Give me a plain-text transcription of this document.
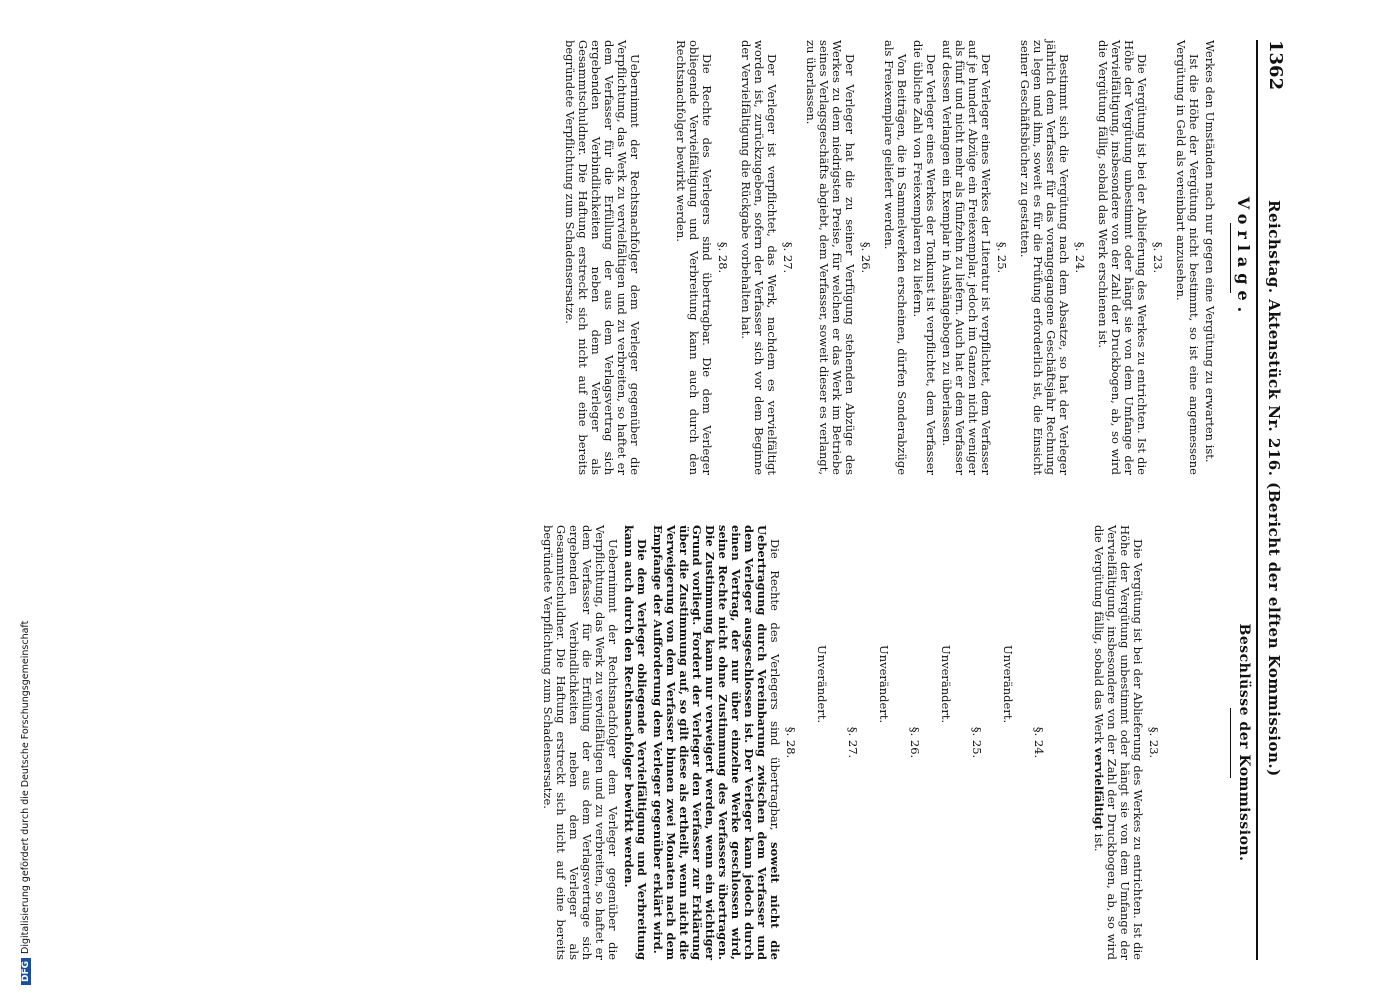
1362
Reichstag. Aktenstück Nr. 216. (Bericht der elften Kommission.)
Vorlage.

Werkes den Umständen nach nur gegen eine Vergütung zu erwarten ist.

Ist die Höhe der Vergütung nicht bestimmt, so ist eine angemessene Vergütung in Geld als vereinbart anzusehen.

§. 23.

Die Vergütung ist bei der Ablieferung des Werkes zu entrichten. Ist die Höhe der Vergütung unbestimmt oder hängt sie von dem Umfange der Vervielfältigung, insbesondere von der Zahl der Druckbogen, ab, so wird die Vergütung fällig, sobald das Werk erschienen ist.

§. 24.

Bestimmt sich die Vergütung nach dem Absatze, so hat der Verleger jährlich dem Verfasser für das vorangegangene Geschäftsjahr Rechnung zu legen und ihm, soweit es für die Prüfung erforderlich ist, die Einsicht seiner Geschäftsbücher zu gestatten.

§. 25.

Der Verleger eines Werkes der Literatur ist verpflichtet, dem Verfasser auf je hundert Abzüge ein Freiexemplar, jedoch im Ganzen nicht weniger als fünf und nicht mehr als fünfzehn zu liefern. Auch hat er dem Verfasser auf dessen Verlangen ein Exemplar in Aushängebogen zu überlassen.

Der Verleger eines Werkes der Tonkunst ist verpflichtet, dem Verfasser die übliche Zahl von Freiexemplaren zu liefern.

Von Beiträgen, die in Sammelwerken erscheinen, dürfen Sonderabzüge als Freiexemplare geliefert werden.

§. 26.

Der Verleger hat die zu seiner Verfügung stehenden Abzüge des Werkes zu dem niedrigsten Preise, für welchen er das Werk im Betriebe seines Verlagsgeschäfts abgiebt, dem Verfasser, soweit dieser es verlangt, zu überlassen.

§. 27.

Der Verleger ist verpflichtet, das Werk, nachdem es vervielfältigt worden ist, zurückzugeben, sofern der Verfasser sich vor dem Beginne der Vervielfältigung die Rückgabe vorbehalten hat.

§. 28.

Die Rechte des Verlegers sind übertragbar. Die dem Verleger obliegende Vervielfältigung und Verbreitung kann auch durch den Rechtsnachfolger bewirkt werden.

Uebernimmt der Rechtsnachfolger dem Verleger gegenüber die Verpflichtung, das Werk zu vervielfältigen und zu verbreiten, so haftet er dem Verfasser für die Erfüllung der aus dem Verlagsvertrag sich ergebenden Verbindlichkeiten neben dem Verleger als Gesammtschuldner. Die Haftung erstreckt sich nicht auf eine bereits begründete Verpflichtung zum Schadensersatze.

Beschlüsse der Kommission.
§. 23.

Die Vergütung ist bei der Ablieferung des Werkes zu entrichten. Ist die Höhe der Vergütung unbestimmt oder hängt sie von dem Umfange der Vervielfältigung, insbesondere von der Zahl der Druckbogen, ab, so wird die Vergütung fällig, sobald das Werk vervielfältigt ist.

§. 24.
Unverändert.
§. 25.
Unverändert.
§. 26.
Unverändert.
§. 27.
Unverändert.
§. 28.

Die Rechte des Verlegers sind übertragbar, soweit nicht die Uebertragung durch Vereinbarung zwischen dem Verfasser und dem Verleger ausgeschlossen ist. Der Verleger kann jedoch durch einen Vertrag, der nur über einzelne Werke geschlossen wird, seine Rechte nicht ohne Zustimmung des Verfassers übertragen. Die Zustimmung kann nur verweigert werden, wenn ein wichtiger Grund vorliegt. Fordert der Verleger den Verfasser zur Erklärung über die Zustimmung auf, so gilt diese als ertheilt, wenn nicht die Verweigerung von dem Verfasser binnen zwei Monaten nach dem Empfange der Aufforderung dem Verleger gegenüber erklärt wird.

Die dem Verleger obliegende Vervielfältigung und Verbreitung kann auch durch den Rechtsnachfolger bewirkt werden.

Uebernimmt der Rechtsnachfolger dem Verleger gegenüber die Verpflichtung, das Werk zu vervielfältigen und zu verbreiten, so haftet er dem Verfasser für die Erfüllung der aus dem Verlagsvertrage sich ergebenden Verbindlichkeiten neben dem Verleger als Gesammtschuldner. Die Haftung erstreckt sich nicht auf eine bereits begründete Verpflichtung zum Schadensersatze.

DFGDigitalisierung gefördert durch die Deutsche Forschungsgemeinschaft
